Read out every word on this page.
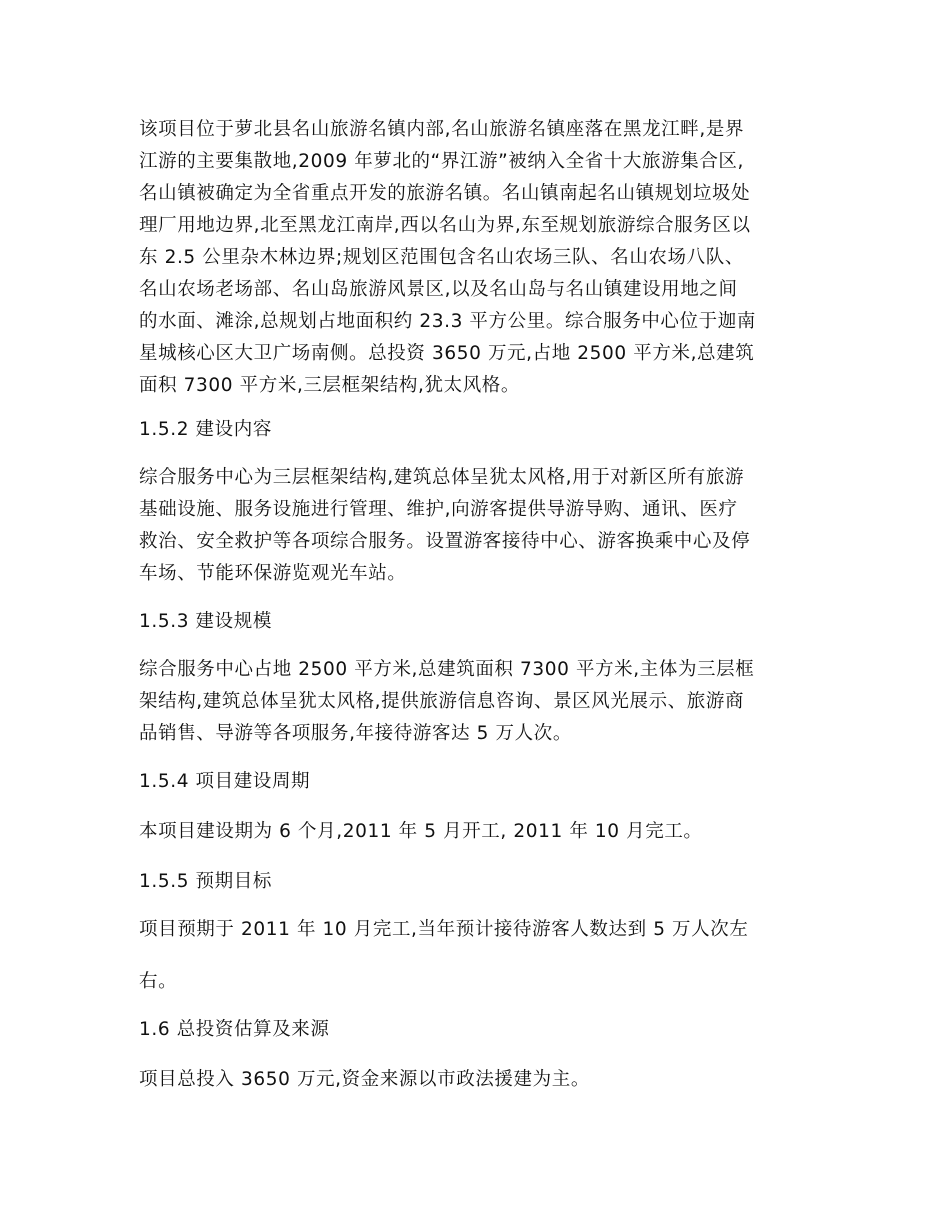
该项目位于萝北县名山旅游名镇内部,名山旅游名镇座落在黑龙江畔,是界
江游的主要集散地,2009 年萝北的“界江游”被纳入全省十大旅游集合区,
名山镇被确定为全省重点开发的旅游名镇。名山镇南起名山镇规划垃圾处
理厂用地边界,北至黑龙江南岸,西以名山为界,东至规划旅游综合服务区以
东 2.5 公里杂木林边界;规划区范围包含名山农场三队、名山农场八队、
名山农场老场部、名山岛旅游风景区,以及名山岛与名山镇建设用地之间
的水面、滩涂,总规划占地面积约 23.3 平方公里。综合服务中心位于迦南
星城核心区大卫广场南侧。总投资 3650 万元,占地 2500 平方米,总建筑
面积 7300 平方米,三层框架结构,犹太风格。
1.5.2 建设内容
综合服务中心为三层框架结构,建筑总体呈犹太风格,用于对新区所有旅游
基础设施、服务设施进行管理、维护,向游客提供导游导购、通讯、医疗
救治、安全救护等各项综合服务。设置游客接待中心、游客换乘中心及停
车场、节能环保游览观光车站。
1.5.3 建设规模
综合服务中心占地 2500 平方米,总建筑面积 7300 平方米,主体为三层框
架结构,建筑总体呈犹太风格,提供旅游信息咨询、景区风光展示、旅游商
品销售、导游等各项服务,年接待游客达 5 万人次。
1.5.4 项目建设周期
本项目建设期为 6 个月,2011 年 5 月开工, 2011 年 10 月完工。
1.5.5 预期目标
项目预期于 2011 年 10 月完工,当年预计接待游客人数达到 5 万人次左
右。
1.6 总投资估算及来源
项目总投入 3650 万元,资金来源以市政法援建为主。
